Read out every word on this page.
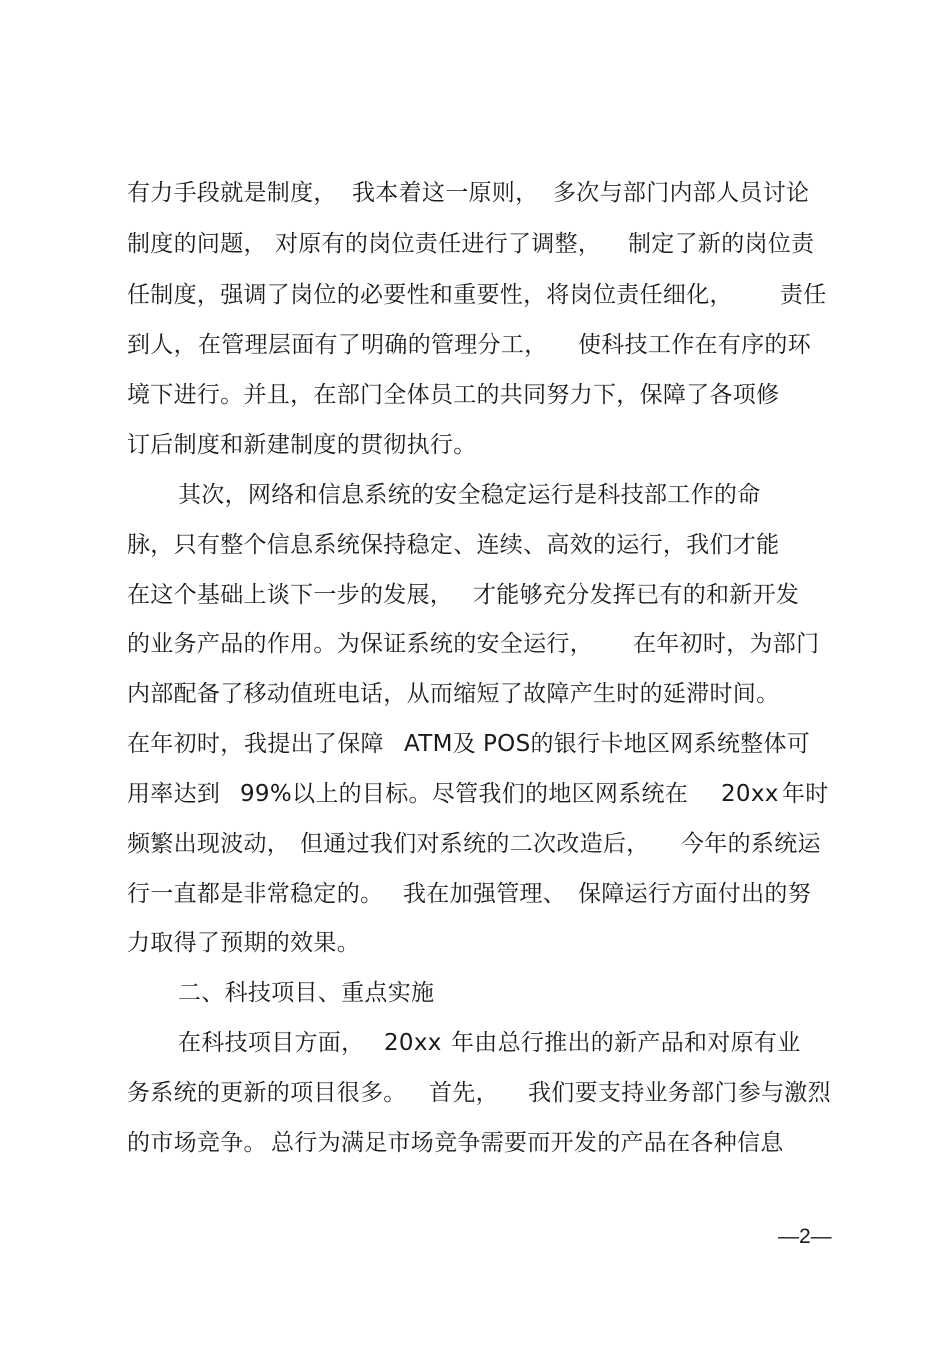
有力手段就是制度， 我本着这一原则， 多次与部门内部人员讨论
制度的问题， 对原有的岗位责任进行了调整， 制定了新的岗位责
任制度，强调了岗位的必要性和重要性，将岗位责任细化， 责任
到人， 在管理层面有了明确的管理分工， 使科技工作在有序的环
境下进行。并且，在部门全体员工的共同努力下，保障了各项修
订后制度和新建制度的贯彻执行。
其次，网络和信息系统的安全稳定运行是科技部工作的命
脉，只有整个信息系统保持稳定、连续、高效的运行，我们才能
在这个基础上谈下一步的发展， 才能够充分发挥已有的和新开发
的业务产品的作用。为保证系统的安全运行， 在年初时，为部门
内部配备了移动值班电话，从而缩短了故障产生时的延滞时间。
在年初时， 我提出了保障 ATM及 POS的银行卡地区网系统整体可
用率达到 99%以上的目标。尽管我们的地区网系统在 20xx 年时
频繁出现波动， 但通过我们对系统的二次改造后， 今年的系统运
行一直都是非常稳定的。 我在加强管理、 保障运行方面付出的努
力取得了预期的效果。
二、科技项目、重点实施
在科技项目方面， 20xx 年由总行推出的新产品和对原有业
务系统的更新的项目很多。 首先， 我们要支持业务部门参与激烈
的市场竞争。 总行为满足市场竞争需要而开发的产品在各种信息
—2—
